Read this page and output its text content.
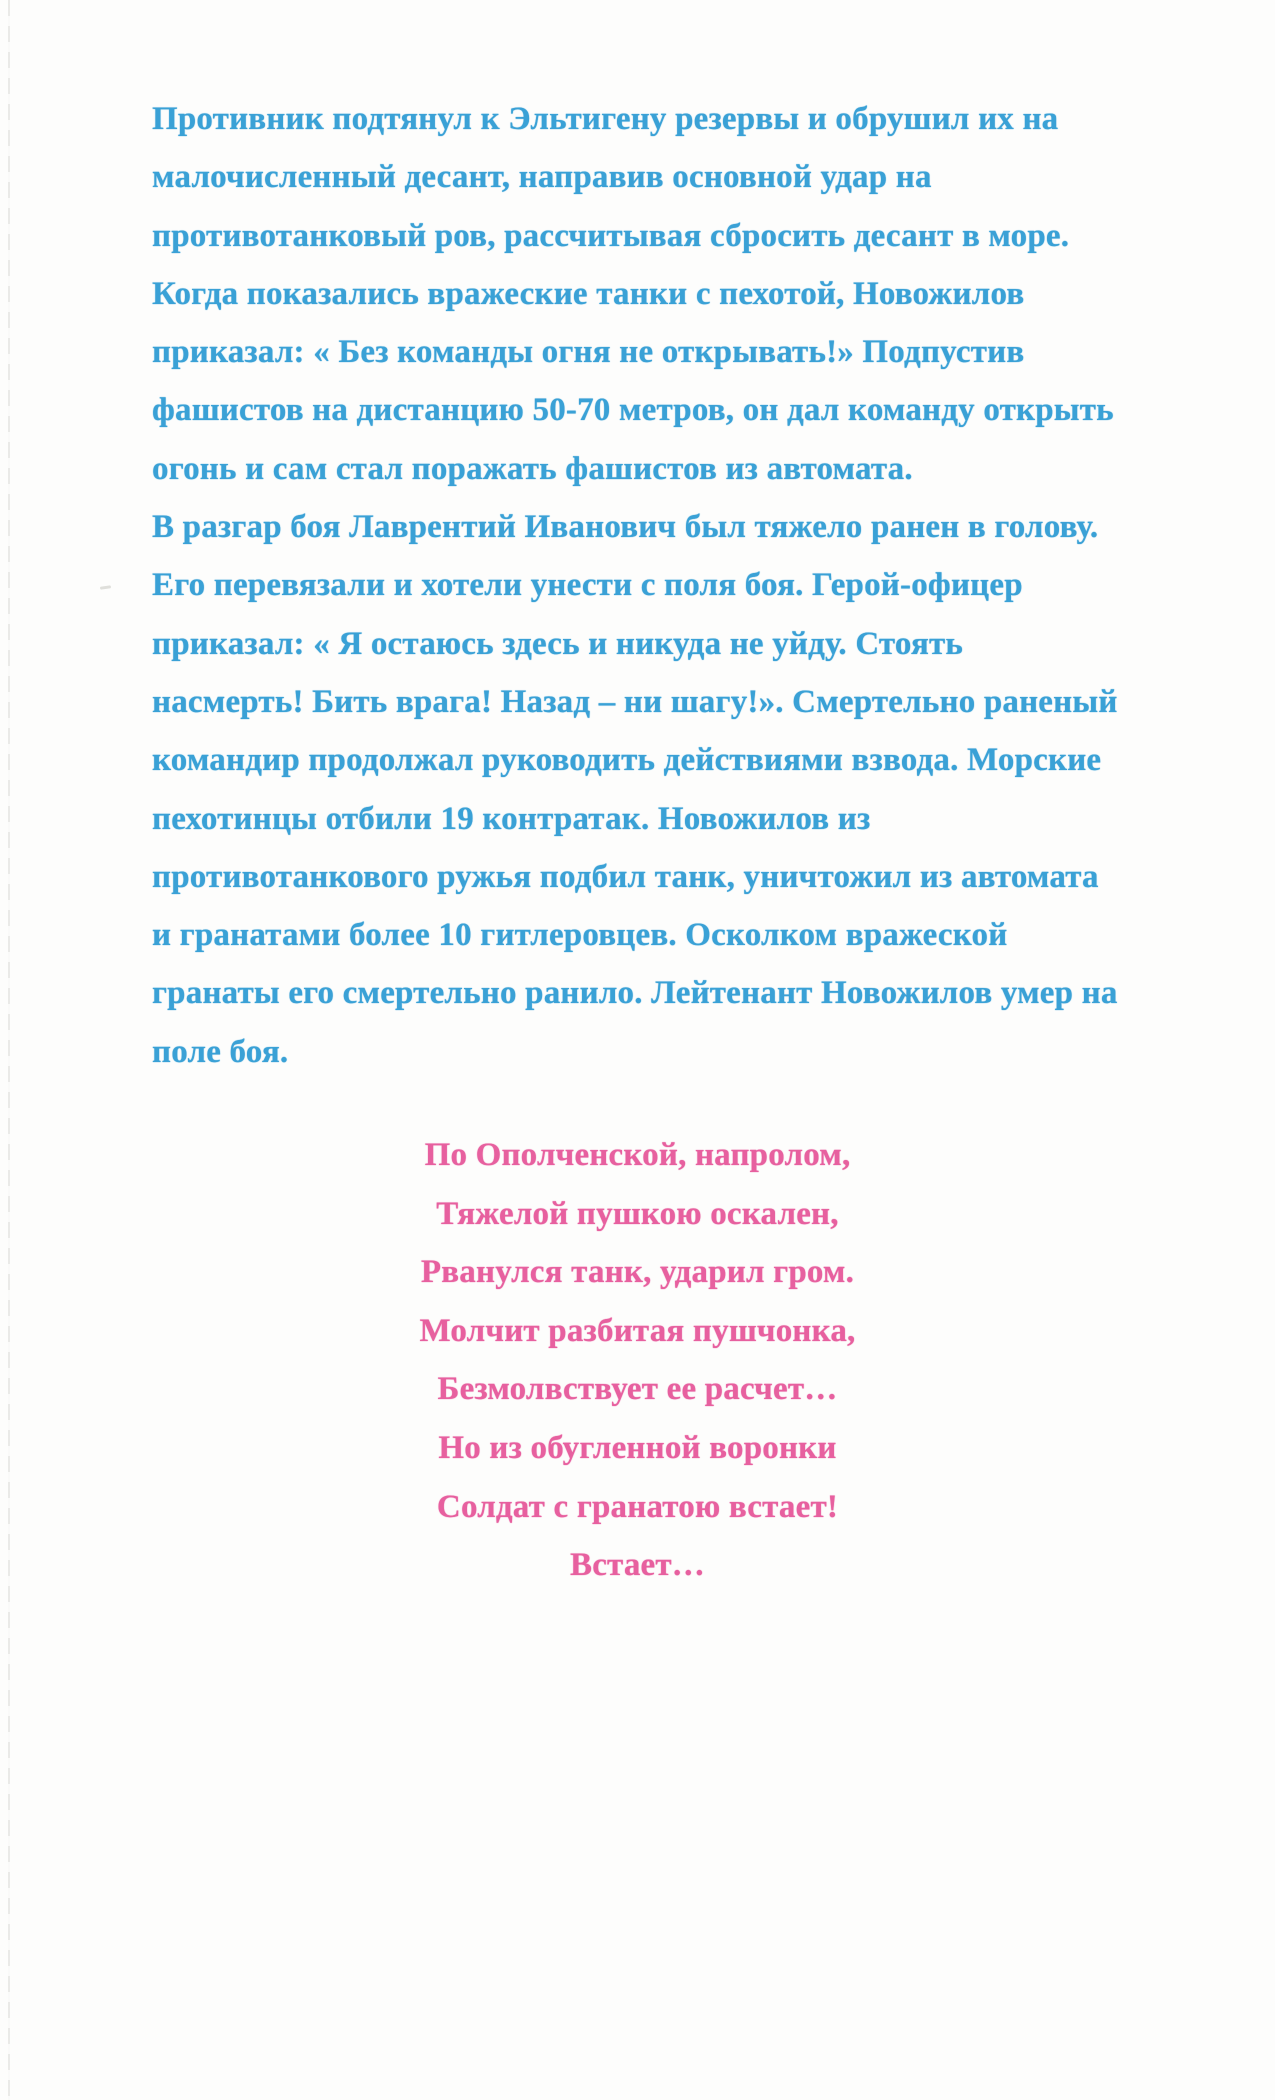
Противник подтянул к Эльтигену резервы и обрушил их на
малочисленный десант, направив основной удар на
противотанковый ров, рассчитывая сбросить десант в море.
Когда показались вражеские танки с пехотой, Новожилов
приказал: « Без команды огня не открывать!» Подпустив
фашистов на дистанцию 50-70 метров, он дал команду открыть
огонь и сам стал поражать фашистов из автомата.
В разгар боя Лаврентий Иванович был тяжело ранен в голову.
Его перевязали и хотели унести с поля боя. Герой-офицер
приказал: « Я остаюсь здесь и никуда не уйду. Стоять
насмерть! Бить врага! Назад – ни шагу!». Смертельно раненый
командир продолжал руководить действиями взвода. Морские
пехотинцы отбили 19 контратак. Новожилов из
противотанкового ружья подбил танк, уничтожил из автомата
и гранатами более 10 гитлеровцев. Осколком вражеской
гранаты его смертельно ранило. Лейтенант Новожилов умер на
поле боя.
По Ополченской, напролом,
Тяжелой пушкою оскален,
Рванулся танк, ударил гром.
Молчит разбитая пушчонка,
Безмолвствует ее расчет…
Но из обугленной воронки
Солдат с гранатою встает!
Встает…
